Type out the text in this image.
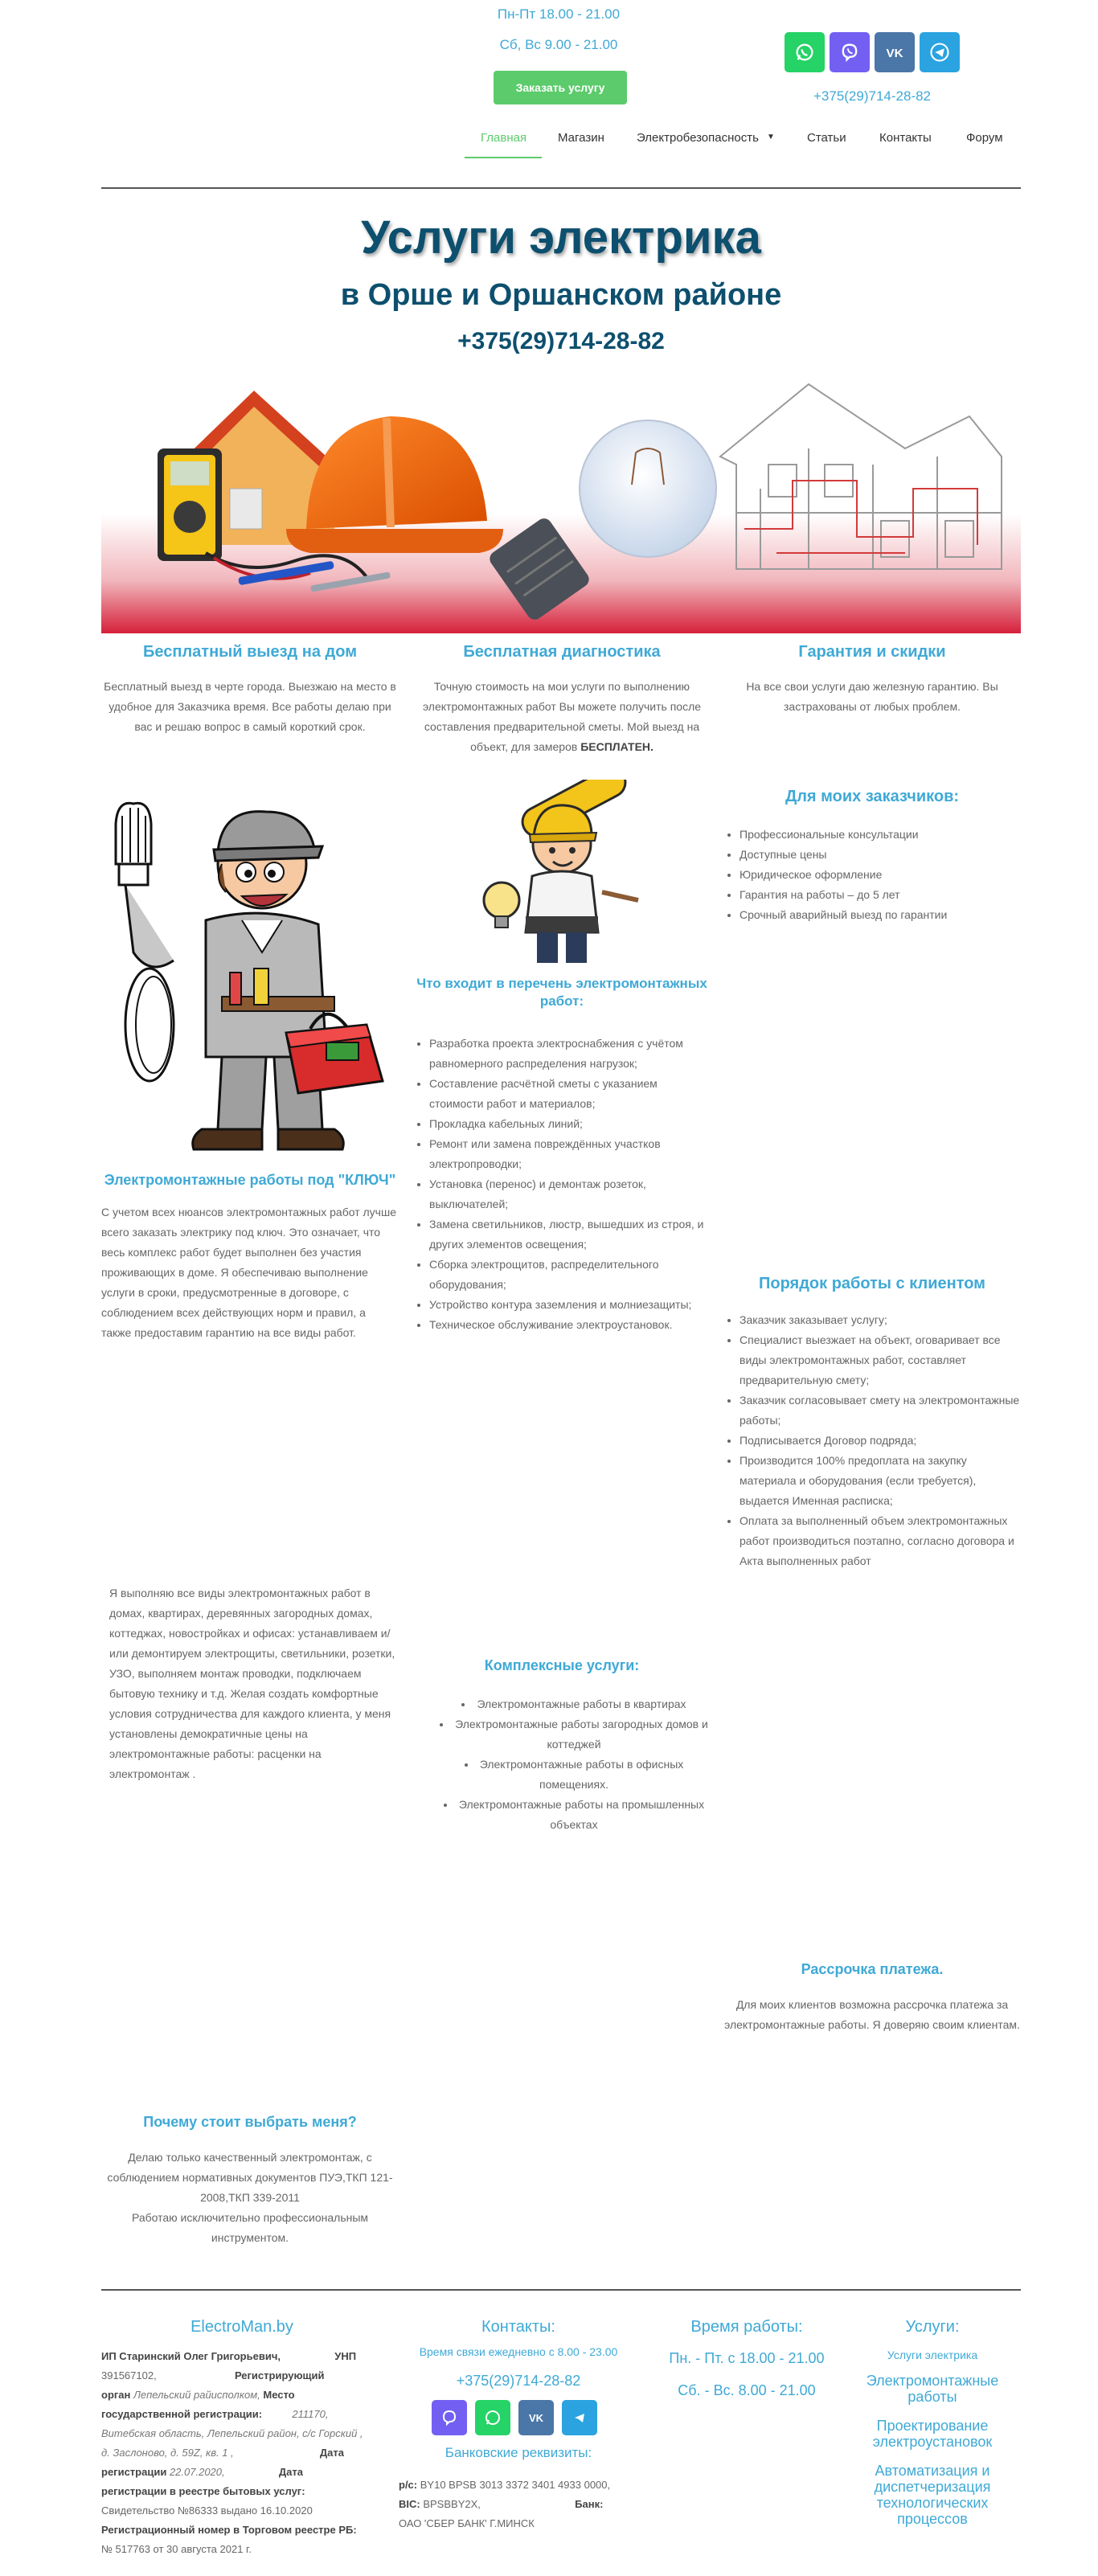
Пн-Пт 18.00 - 21.00
Сб, Вс 9.00 - 21.00
Заказать услугу
VK
+375(29)714-28-82
Главная	Магазин	Электробезопасность ▼	Статьи	Контакты	Форум
Услуги электрика
в Орше и Оршанском районе
+375(29)714-28-82
Бесплатный выезд на дом
Бесплатный выезд в черте города. Выезжаю на место в удобное для Заказчика время. Все работы делаю при вас и решаю вопрос в самый короткий срок.
Бесплатная диагностика
Точную стоимость на мои услуги по выполнению электромонтажных работ Вы можете получить после составления предварительной сметы. Мой выезд на объект, для замеров БЕСПЛАТЕН.
Гарантия и скидки
На все свои услуги даю железную гарантию. Вы застрахованы от любых проблем.
Электромонтажные работы под "КЛЮЧ"
С учетом всех нюансов электромонтажных работ лучше всего заказать электрику под ключ. Это означает, что весь комплекс работ будет выполнен без участия проживающих в доме. Я обеспечиваю выполнение услуги в сроки, предусмотренные в договоре, с соблюдением всех действующих норм и правил, а также предоставим гарантию на все виды работ.
Что входит в перечень электромонтажных работ:
• Разработка проекта электроснабжения с учётом равномерного распределения нагрузок;
• Составление расчётной сметы с указанием стоимости работ и материалов;
• Прокладка кабельных линий;
• Ремонт или замена повреждённых участков электропроводки;
• Установка (перенос) и демонтаж розеток, выключателей;
• Замена светильников, люстр, вышедших из строя, и других элементов освещения;
• Сборка электрощитов, распределительного оборудования;
• Устройство контура заземления и молниезащиты;
• Техническое обслуживание электроустановок.
Для моих заказчиков:
• Профессиональные консультации
• Доступные цены
• Юридическое оформление
• Гарантия на работы – до 5 лет
• Срочный аварийный выезд по гарантии
Порядок работы с клиентом
• Заказчик заказывает услугу;
• Специалист выезжает на объект, оговаривает все виды электромонтажных работ, составляет предварительную смету;
• Заказчик согласовывает смету на электромонтажные работы;
• Подписывается Договор подряда;
• Производится 100% предоплата на закупку материала и оборудования (если требуется), выдается Именная расписка;
• Оплата за выполненный объем электромонтажных работ производиться поэтапно, согласно договора и Акта выполненных работ
Я выполняю все виды электромонтажных работ в домах, квартирах, деревянных загородных домах, коттеджах, новостройках и офисах: устанавливаем и/или демонтируем электрощиты, светильники, розетки, УЗО, выполняем монтаж проводки, подключаем бытовую технику и т.д. Желая создать комфортные условия сотрудничества для каждого клиента, у меня установлены демократичные цены на электромонтажные работы: расценки на электромонтаж .
Комплексные услуги:
• Электромонтажные работы в квартирах
• Электромонтажные работы загородных домов и коттеджей
• Электромонтажные работы в офисных помещениях.
• Электромонтажные работы на промышленных объектах
Рассрочка платежа.
Для моих клиентов возможна рассрочка платежа за электромонтажные работы. Я доверяю своим клиентам.
Почему стоит выбрать меня?
Делаю только качественный электромонтаж, с соблюдением нормативных документов ПУЭ,ТКП 121-2008,ТКП 339-2011
Работаю исключительно профессиональным инструментом.
ElectroMan.by
ИП Старинский Олег Григорьевич,	УНП
391567102,	Регистрирующий
орган Лепельский райисполком, Место
государственной регистрации:	211170,
Витебская область, Лепельский район, с/с Горский ,
д. Заслоново, д. 59Z, кв. 1 ,	Дата
регистрации 22.07.2020,	Дата
регистрации в реестре бытовых услуг:
Свидетельство №86333 выдано 16.10.2020
Регистрационный номер в Торговом реестре РБ:
№ 517763 от 30 августа 2021 г.
Контакты:
Время связи ежедневно с 8.00 - 23.00
+375(29)714-28-82
VK
Банковские реквизиты:
р/с: BY10 BPSB 3013 3372 3401 4933 0000,
BIC: BPSBBY2X,	Банк:
ОАО 'СБЕР БАНК' Г.МИНСК
Время работы:
Пн. - Пт. с 18.00 - 21.00
Сб. - Вс. 8.00 - 21.00
Услуги:
Услуги электрика
Электромонтажные работы
Проектирование электроустановок
Автоматизация и диспетчеризация технологических процессов
